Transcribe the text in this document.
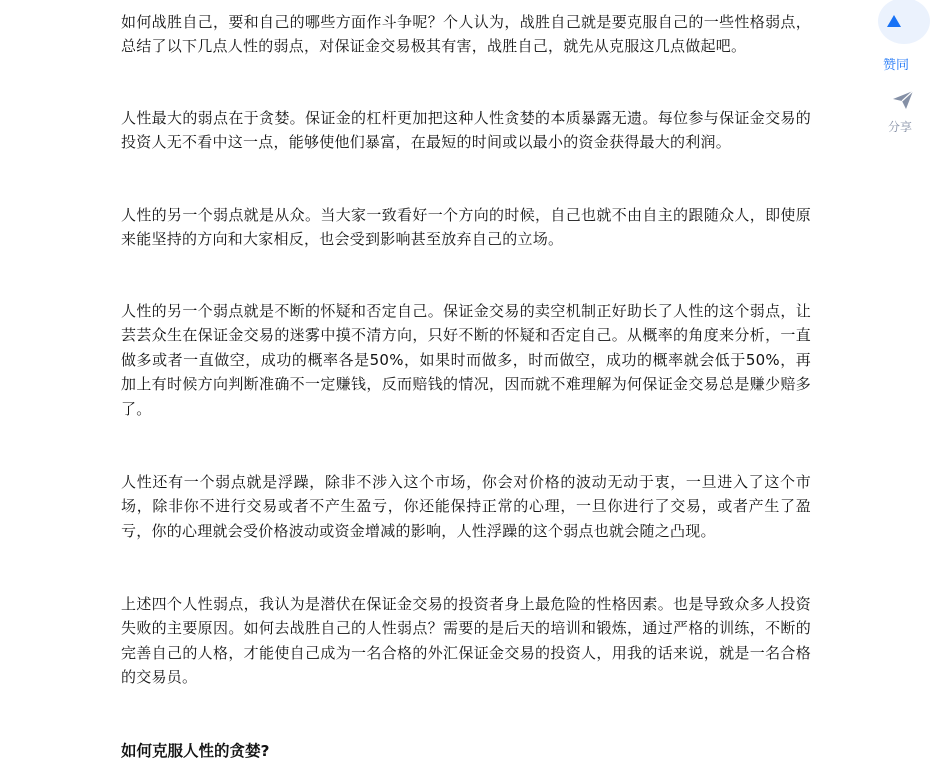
如何战胜自己，要和自己的哪些方面作斗争呢？个人认为，战胜自己就是要克服自己的一些性格弱点，总结了以下几点人性的弱点，对保证金交易极其有害，战胜自己，就先从克服这几点做起吧。

人性最大的弱点在于贪婪。保证金的杠杆更加把这种人性贪婪的本质暴露无遗。每位参与保证金交易的投资人无不看中这一点，能够使他们暴富，在最短的时间或以最小的资金获得最大的利润。

人性的另一个弱点就是从众。当大家一致看好一个方向的时候，自己也就不由自主的跟随众人，即使原来能坚持的方向和大家相反，也会受到影响甚至放弃自己的立场。

人性的另一个弱点就是不断的怀疑和否定自己。保证金交易的卖空机制正好助长了人性的这个弱点，让芸芸众生在保证金交易的迷雾中摸不清方向，只好不断的怀疑和否定自己。从概率的角度来分析，一直做多或者一直做空，成功的概率各是50%，如果时而做多，时而做空，成功的概率就会低于50%，再加上有时候方向判断准确不一定赚钱，反而赔钱的情况，因而就不难理解为何保证金交易总是赚少赔多了。

人性还有一个弱点就是浮躁，除非不涉入这个市场，你会对价格的波动无动于衷，一旦进入了这个市场，除非你不进行交易或者不产生盈亏，你还能保持正常的心理，一旦你进行了交易，或者产生了盈亏，你的心理就会受价格波动或资金增减的影响，人性浮躁的这个弱点也就会随之凸现。

上述四个人性弱点，我认为是潜伏在保证金交易的投资者身上最危险的性格因素。也是导致众多人投资失败的主要原因。如何去战胜自己的人性弱点？需要的是后天的培训和锻炼，通过严格的训练，不断的完善自己的人格，才能使自己成为一名合格的外汇保证金交易的投资人，用我的话来说，就是一名合格的交易员。

如何克服人性的贪婪?
赞同
分享
